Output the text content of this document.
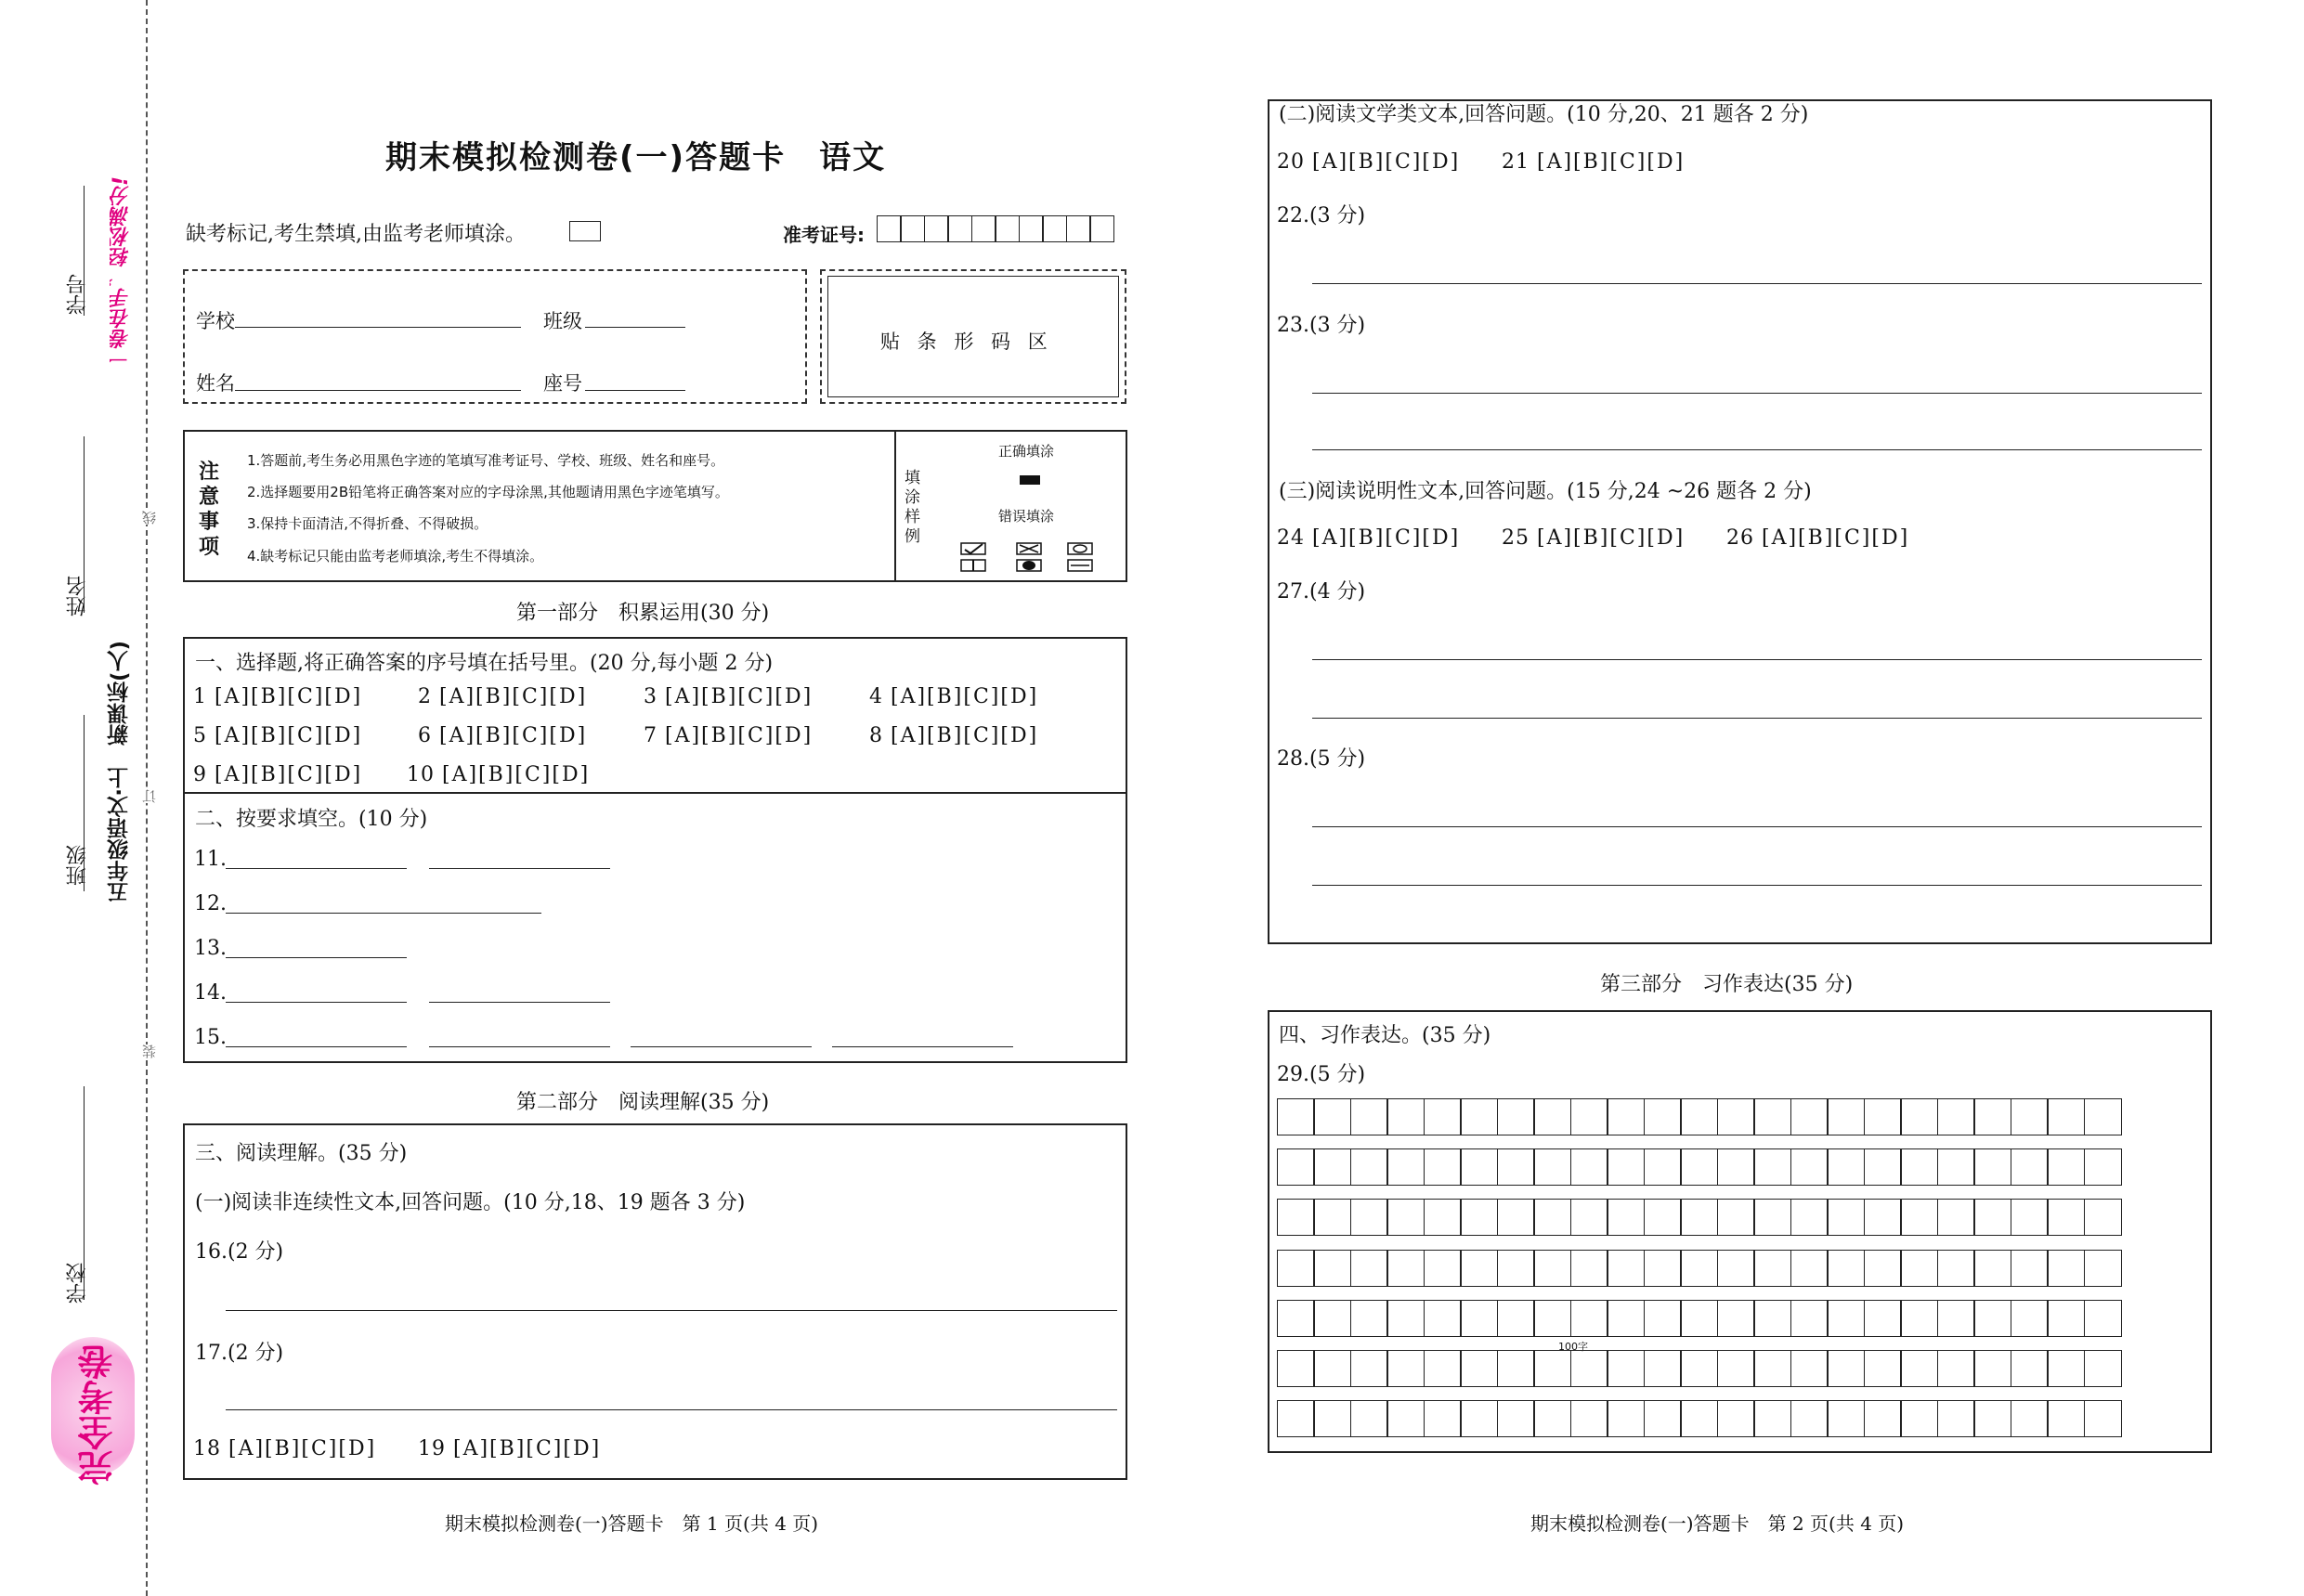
学号
姓名
班级
学校
一卷在手，轻松满分!
五年级语文·上　新课标(人)
线
订
装
完全考卷
期末模拟检测卷(一)答题卡　语文
缺考标记,考生禁填,由监考老师填涂。	准考证号:
学校	班级
姓名	座号
贴 条 形 码 区
注意事项
1.答题前,考生务必用黑色字迹的笔填写准考证号、学校、班级、姓名和座号。
2.选择题要用2B铅笔将正确答案对应的字母涂黑,其他题请用黑色字迹笔填写。
3.保持卡面清洁,不得折叠、不得破损。
4.缺考标记只能由监考老师填涂,考生不得填涂。
填涂样例
正确填涂
错误填涂
第一部分　积累运用(30 分)
一、选择题,将正确答案的序号填在括号里。(20 分,每小题 2 分)
1 [A][B][C][D]	2 [A][B][C][D]	3 [A][B][C][D]	4 [A][B][C][D]
5 [A][B][C][D]	6 [A][B][C][D]	7 [A][B][C][D]	8 [A][B][C][D]
9 [A][B][C][D] 10 [A][B][C][D]
二、按要求填空。(10 分)
11.
12.
13.
14.
15.
第二部分　阅读理解(35 分)
三、阅读理解。(35 分)
(一)阅读非连续性文本,回答问题。(10 分,18、19 题各 3 分)
16.(2 分)
17.(2 分)
18 [A][B][C][D] 19 [A][B][C][D]
期末模拟检测卷(一)答题卡　第 1 页(共 4 页)
(二)阅读文学类文本,回答问题。(10 分,20、21 题各 2 分)
20 [A][B][C][D] 21 [A][B][C][D]
22.(3 分)
23.(3 分)
(三)阅读说明性文本,回答问题。(15 分,24 ~26 题各 2 分)
24 [A][B][C][D] 25 [A][B][C][D] 26 [A][B][C][D]
27.(4 分)
28.(5 分)
第三部分　习作表达(35 分)
四、习作表达。(35 分)
29.(5 分)
100字
期末模拟检测卷(一)答题卡　第 2 页(共 4 页)
